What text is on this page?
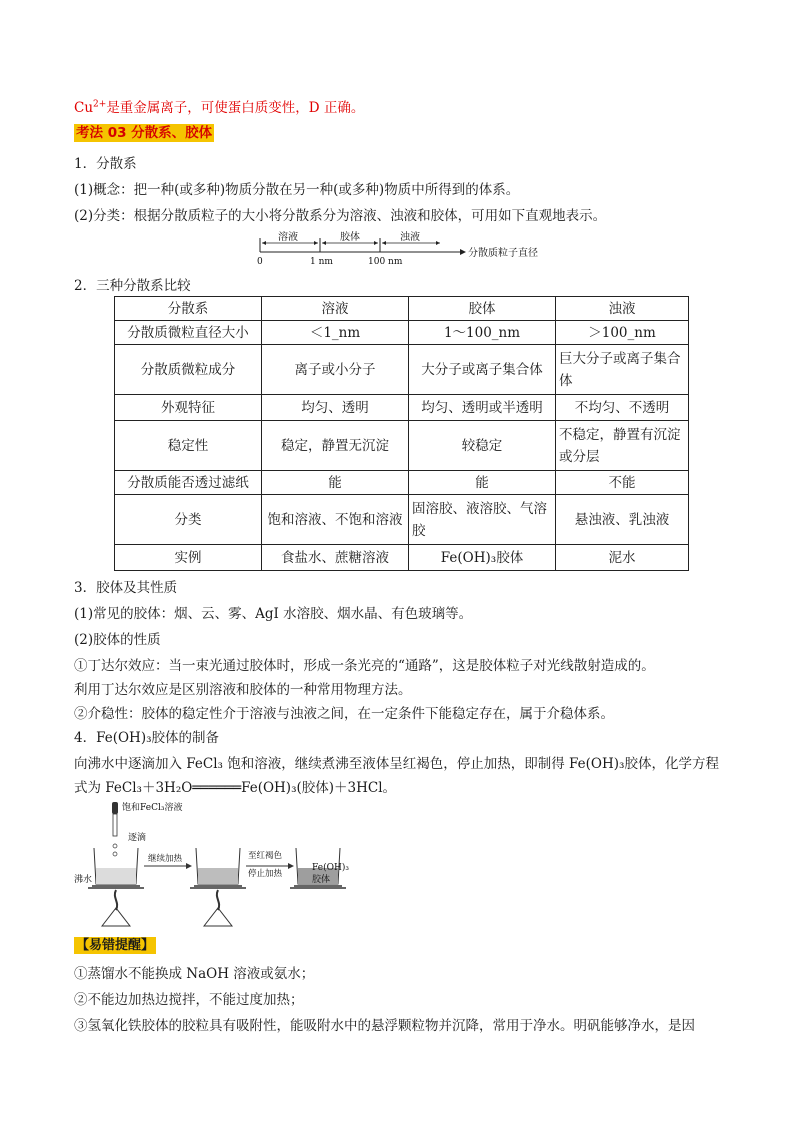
$Cu^{2+}$是重金属离子，可使蛋白质变性，D 正确。
考法 03 分散系、胶体
1．分散系
(1)概念：把一种(或多种)物质分散在另一种(或多种)物质中所得到的体系。
(2)分类：根据分散质粒子的大小将分散系分为溶液、浊液和胶体，可用如下直观地表示。
溶液	胶体	浊液
0	1 nm	100 nm
分散质粒子直径
2．三种分散系比较
分散系	溶液	胶体	浊液
分散质微粒直径大小	＜1_nm	1～100_nm	＞100_nm
分散质微粒成分	离子或小分子	大分子或离子集合体	巨大分子或离子集合体
外观特征	均匀、透明	均匀、透明或半透明	不均匀、不透明
稳定性	稳定，静置无沉淀	较稳定	不稳定，静置有沉淀或分层
分散质能否透过滤纸	能	能	不能
分类	饱和溶液、不饱和溶液	固溶胶、液溶胶、气溶胶	悬浊液、乳浊液
实例	食盐水、蔗糖溶液	Fe(OH)₃胶体	泥水
3．胶体及其性质
(1)常见的胶体：烟、云、雾、AgI 水溶胶、烟水晶、有色玻璃等。
(2)胶体的性质
①丁达尔效应：当一束光通过胶体时，形成一条光亮的“通路”，这是胶体粒子对光线散射造成的。
利用丁达尔效应是区别溶液和胶体的一种常用物理方法。
②介稳性：胶体的稳定性介于溶液与浊液之间，在一定条件下能稳定存在，属于介稳体系。
4．Fe(OH)₃胶体的制备
向沸水中逐滴加入 FeCl₃ 饱和溶液，继续煮沸至液体呈红褐色，停止加热，即制得 Fe(OH)₃胶体，化学方程
式为 FeCl₃＋3H₂O══════Fe(OH)₃(胶体)＋3HCl。
饱和FeCl₃溶液
逐滴
沸水
继续加热	至红褐色
停止加热
Fe(OH)₃
胶体
【易错提醒】
①蒸馏水不能换成 NaOH 溶液或氨水；
②不能边加热边搅拌，不能过度加热；
③氢氧化铁胶体的胶粒具有吸附性，能吸附水中的悬浮颗粒物并沉降，常用于净水。明矾能够净水，是因
